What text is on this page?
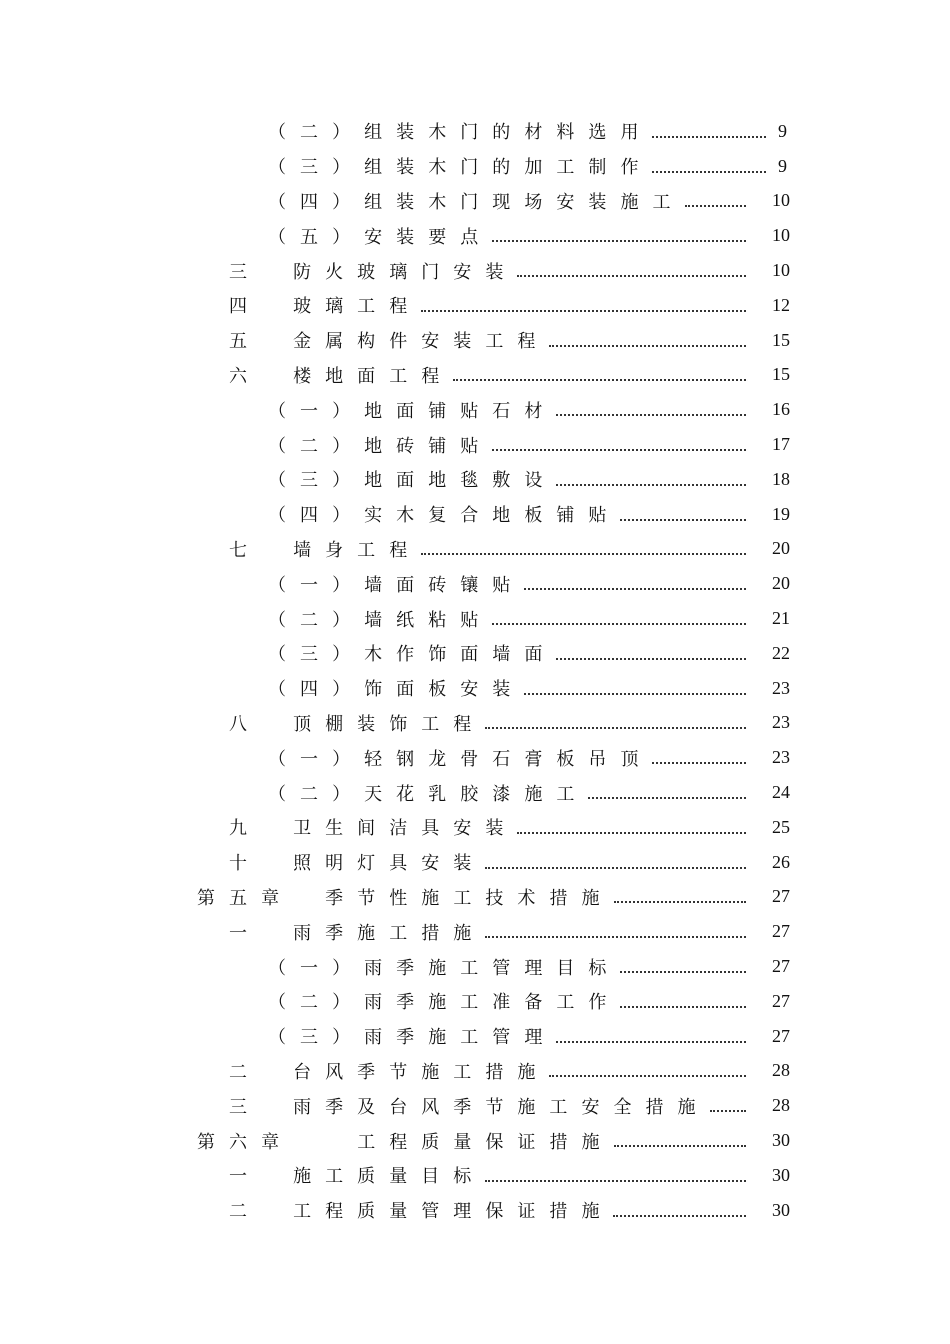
（二）组装木门的材料选用	9
（三）组装木门的加工制作	9
（四）组装木门现场安装施工	10
（五）安装要点	10
三　防火玻璃门安装	10
四　玻璃工程	12
五　金属构件安装工程	15
六　楼地面工程	15
（一）地面铺贴石材	16
（二）地砖铺贴	17
（三）地面地毯敷设	18
（四）实木复合地板铺贴	19
七　墙身工程	20
（一）墙面砖镶贴	20
（二）墙纸粘贴	21
（三）木作饰面墙面	22
（四）饰面板安装	23
八　顶棚装饰工程	23
（一）轻钢龙骨石膏板吊顶	23
（二）天花乳胶漆施工	24
九　卫生间洁具安装	25
十　照明灯具安装	26
第五章　季节性施工技术措施	27
一　雨季施工措施	27
（一）雨季施工管理目标	27
（二）雨季施工准备工作	27
（三）雨季施工管理	27
二　台风季节施工措施	28
三　雨季及台风季节施工安全措施	28
第六章　　工程质量保证措施	30
一　施工质量目标	30
二　工程质量管理保证措施	30
